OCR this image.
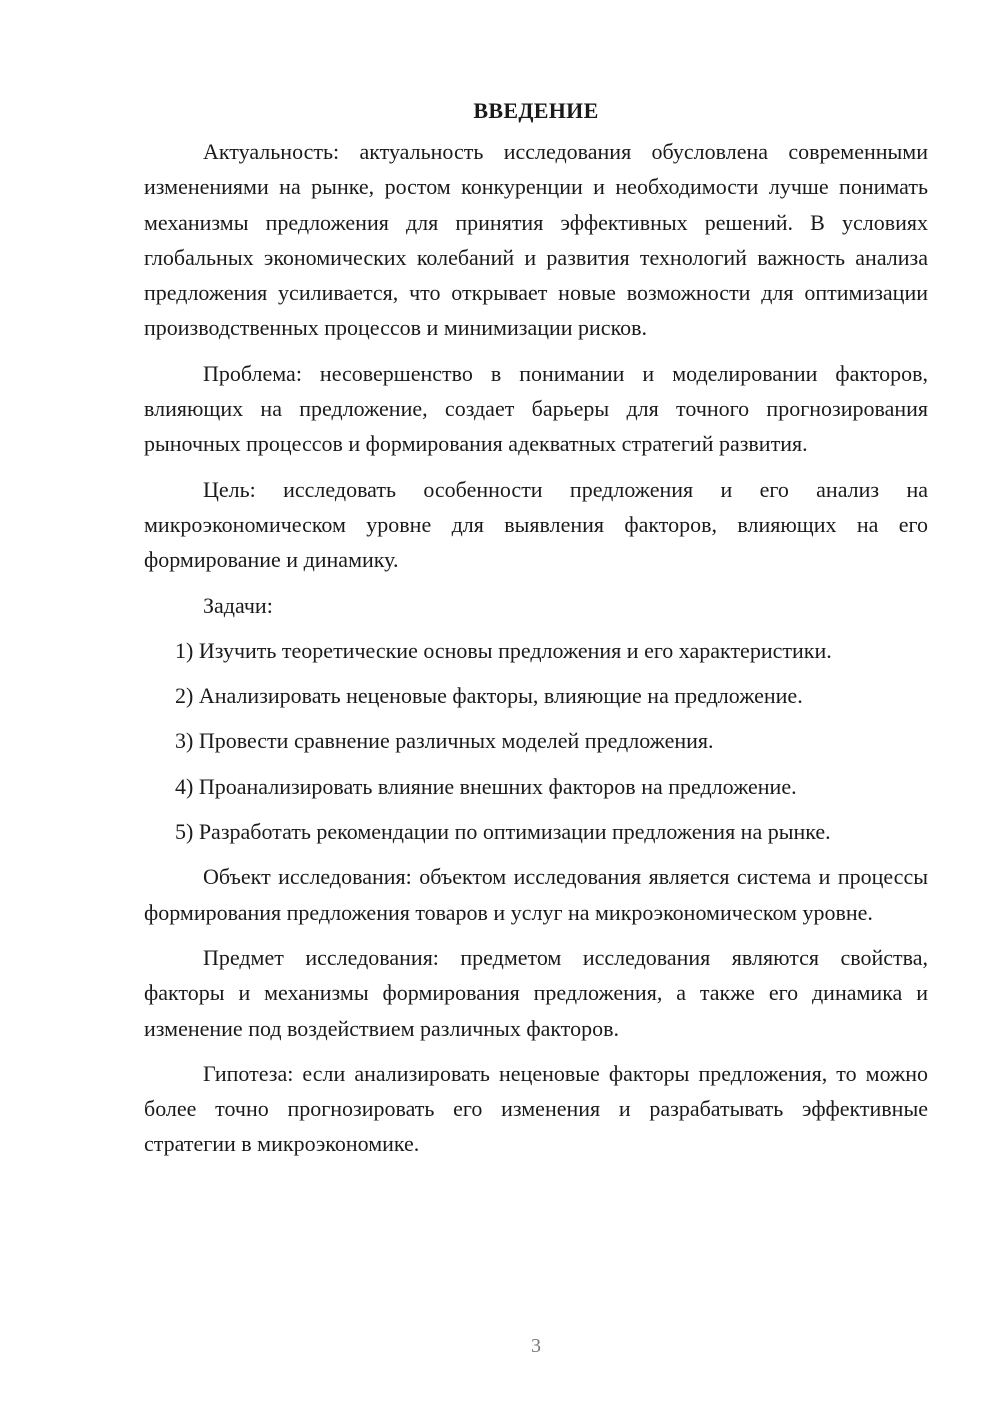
ВВЕДЕНИЕ

Актуальность: актуальность исследования обусловлена современными изменениями на рынке, ростом конкуренции и необходимости лучше понимать механизмы предложения для принятия эффективных решений. В условиях глобальных экономических колебаний и развития технологий важность анализа предложения усиливается, что открывает новые возможности для оптимизации производственных процессов и минимизации рисков.

Проблема: несовершенство в понимании и моделировании факторов, влияющих на предложение, создает барьеры для точного прогнозирования рыночных процессов и формирования адекватных стратегий развития.

Цель: исследовать особенности предложения и его анализ на микроэкономическом уровне для выявления факторов, влияющих на его формирование и динамику.

Задачи:
1) Изучить теоретические основы предложения и его характеристики.
2) Анализировать неценовые факторы, влияющие на предложение.
3) Провести сравнение различных моделей предложения.
4) Проанализировать влияние внешних факторов на предложение.
5) Разработать рекомендации по оптимизации предложения на рынке.

Объект исследования: объектом исследования является система и процессы формирования предложения товаров и услуг на микроэкономическом уровне.

Предмет исследования: предметом исследования являются свойства, факторы и механизмы формирования предложения, а также его динамика и изменение под воздействием различных факторов.

Гипотеза: если анализировать неценовые факторы предложения, то можно более точно прогнозировать его изменения и разрабатывать эффективные стратегии в микроэкономике.

3
